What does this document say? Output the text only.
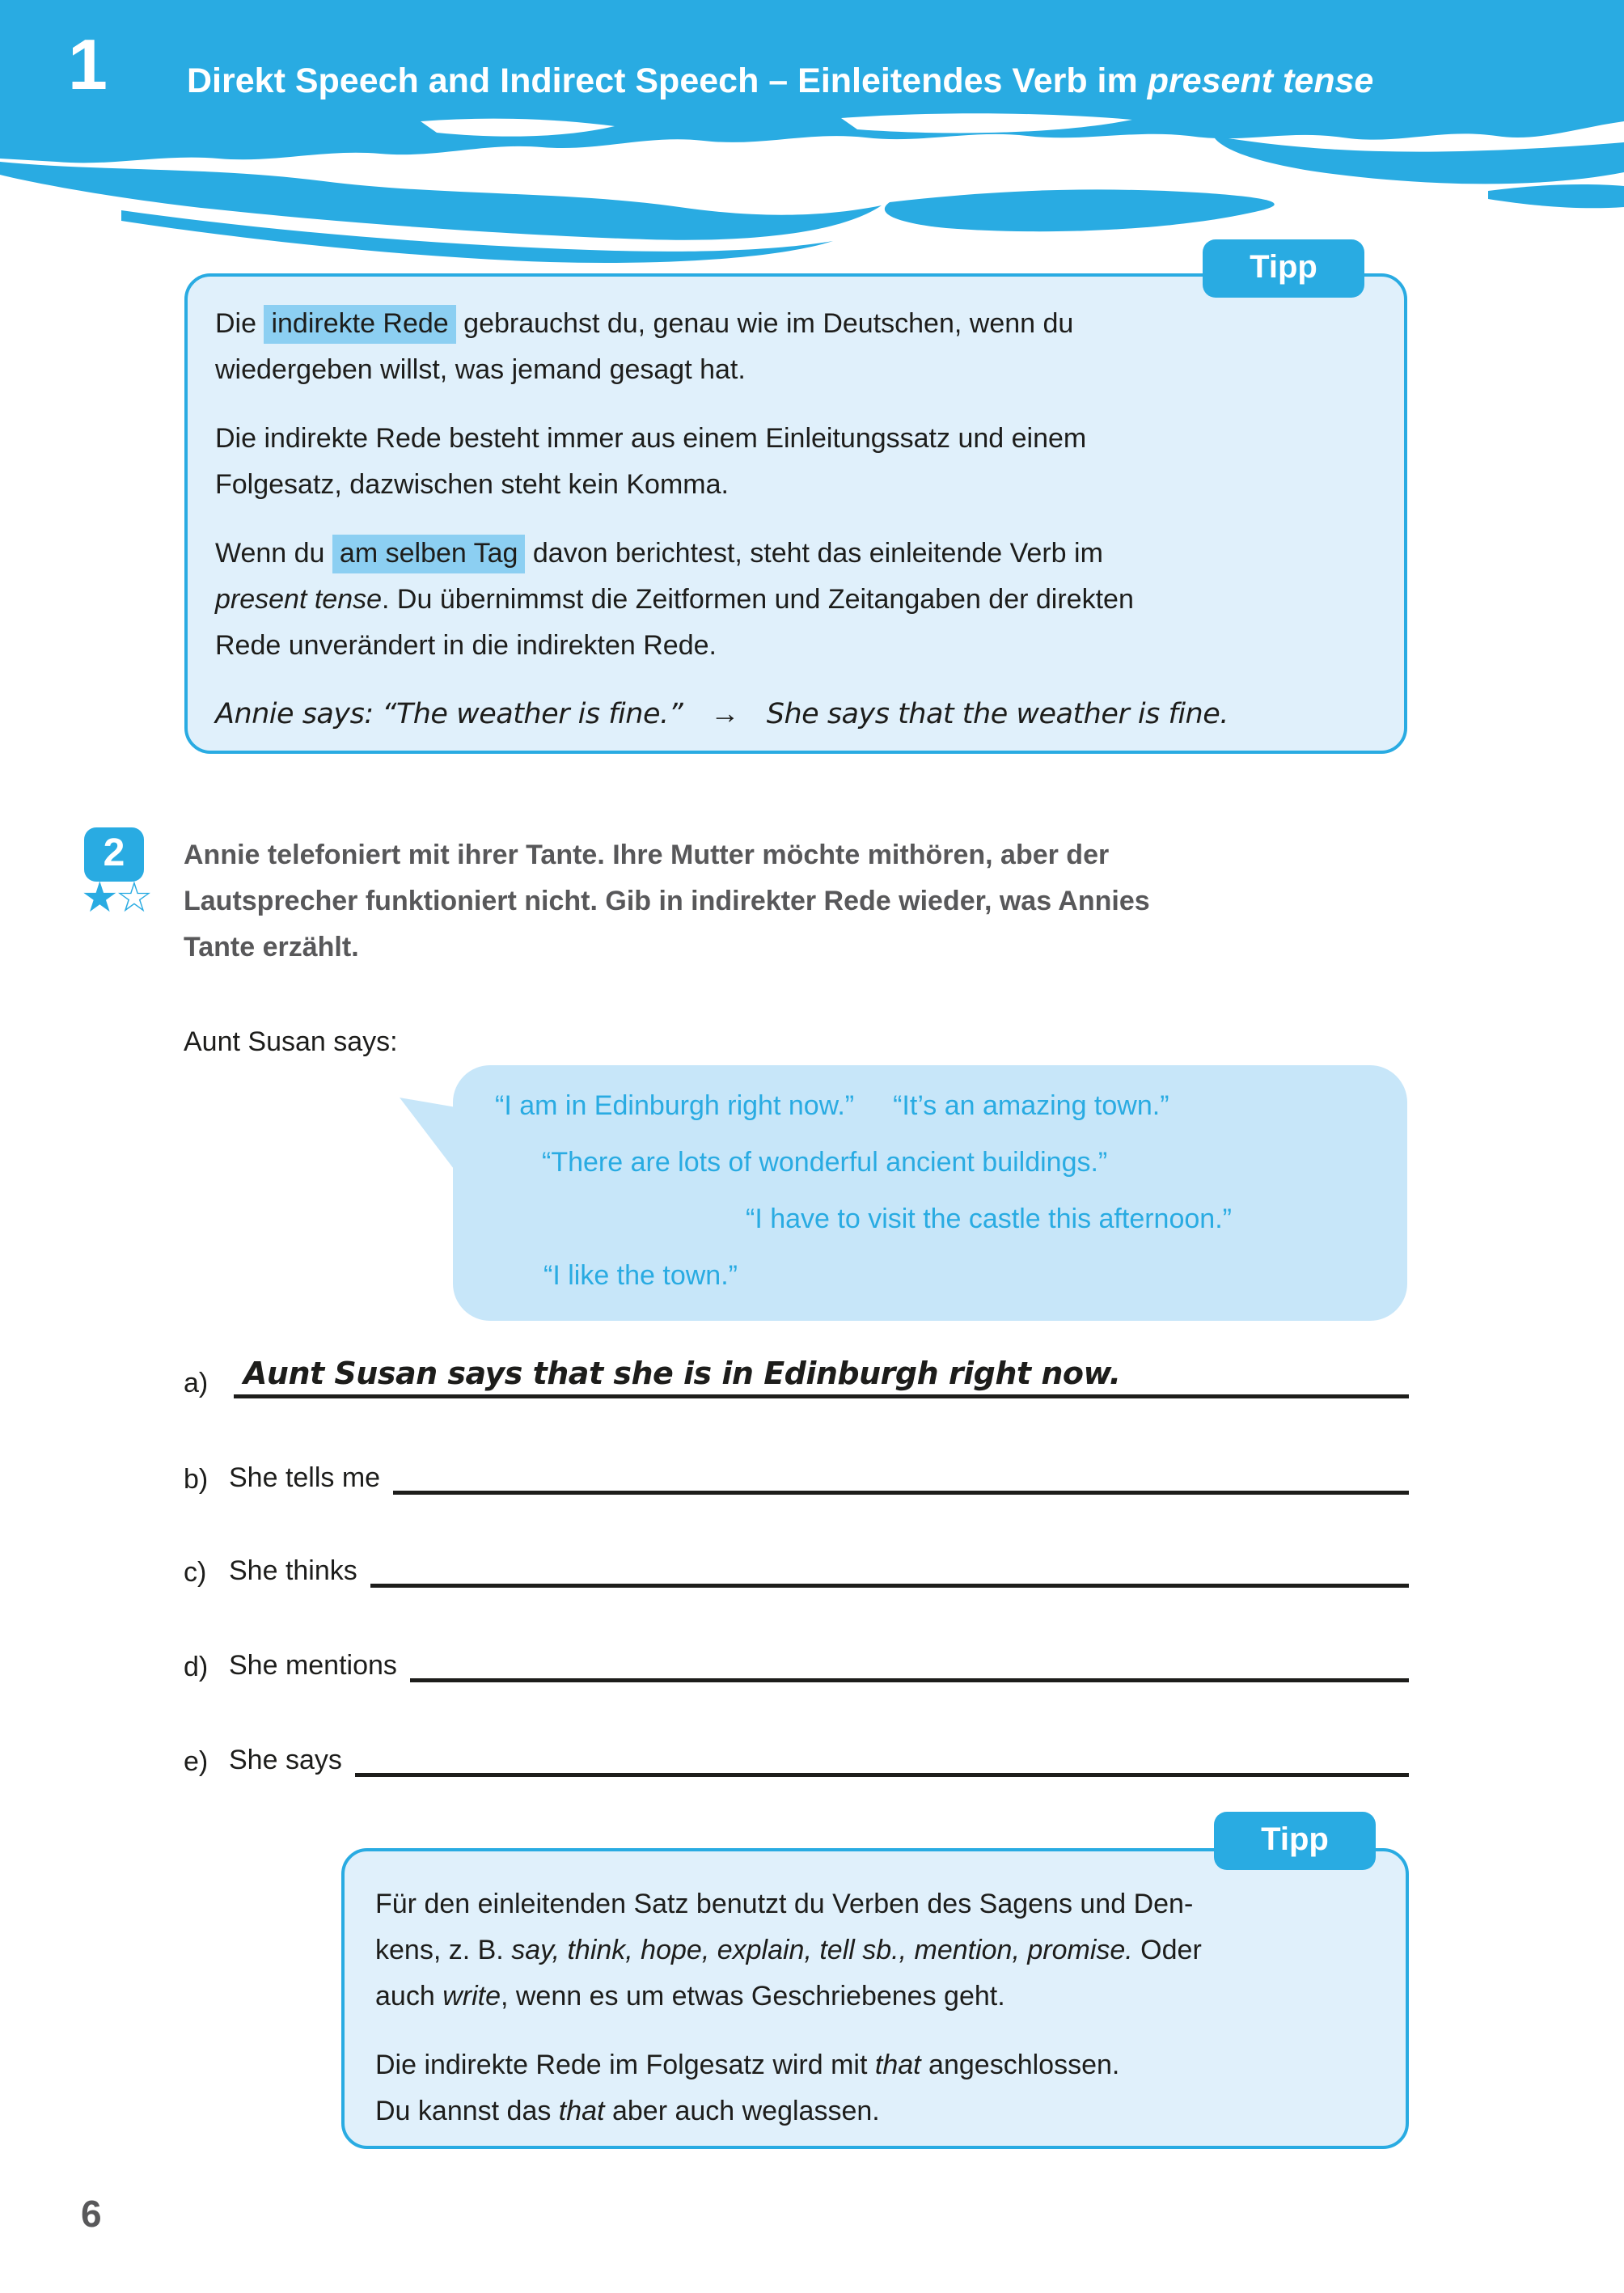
1 Direkt Speech and Indirect Speech – Einleitendes Verb im present tense
Tipp
Die indirekte Rede gebrauchst du, genau wie im Deutschen, wenn du
wiedergeben willst, was jemand gesagt hat.
Die indirekte Rede besteht immer aus einem Einleitungssatz und einem
Folgesatz, dazwischen steht kein Komma.
Wenn du am selben Tag davon berichtest, steht das einleitende Verb im
present tense. Du übernimmst die Zeitformen und Zeitangaben der direkten
Rede unverändert in die indirekten Rede.
Annie says: “The weather is fine.” → She says that the weather is fine.
2
★☆
Annie telefoniert mit ihrer Tante. Ihre Mutter möchte mithören, aber der
Lautsprecher funktioniert nicht. Gib in indirekter Rede wieder, was Annies
Tante erzählt.
Aunt Susan says:
“I am in Edinburgh right now.” “It’s an amazing town.”
“There are lots of wonderful ancient buildings.”
“I have to visit the castle this afternoon.”
“I like the town.”
a)	Aunt Susan says that she is in Edinburgh right now.
b) She tells me
c) She thinks
d) She mentions
e) She says
Tipp
Für den einleitenden Satz benutzt du Verben des Sagens und Den-
kens, z. B. say, think, hope, explain, tell sb., mention, promise. Oder
auch write, wenn es um etwas Geschriebenes geht.
Die indirekte Rede im Folgesatz wird mit that angeschlossen.
Du kannst das that aber auch weglassen.
6
